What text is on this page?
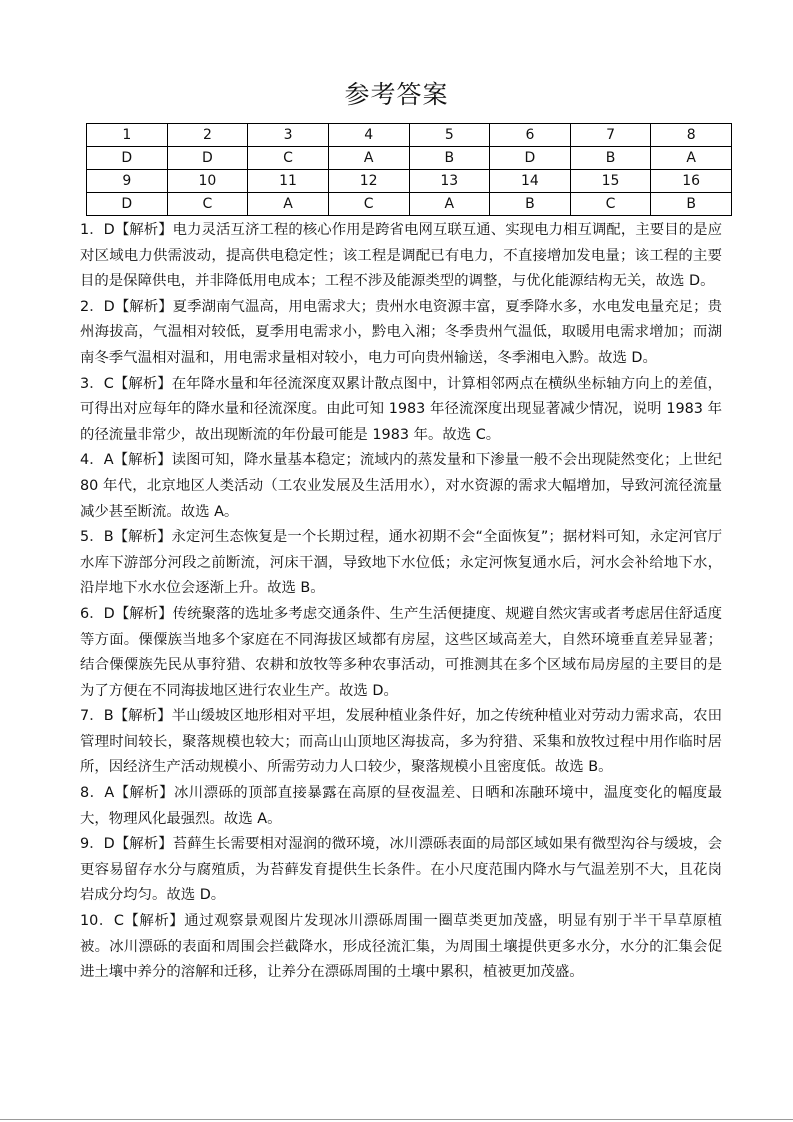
参考答案
1	2	3	4	5	6	7	8
D	D	C	A	B	D	B	A
9	10	11	12	13	14	15	16
D	C	A	C	A	B	C	B
1．D【解析】电力灵活互济工程的核心作用是跨省电网互联互通、实现电力相互调配，主要目的是应对区域电力供需波动，提高供电稳定性；该工程是调配已有电力，不直接增加发电量；该工程的主要目的是保障供电，并非降低用电成本；工程不涉及能源类型的调整，与优化能源结构无关，故选 D。
2．D【解析】夏季湖南气温高，用电需求大；贵州水电资源丰富，夏季降水多，水电发电量充足；贵州海拔高，气温相对较低，夏季用电需求小，黔电入湘；冬季贵州气温低，取暖用电需求增加；而湖南冬季气温相对温和，用电需求量相对较小，电力可向贵州输送，冬季湘电入黔。故选 D。
3．C【解析】在年降水量和年径流深度双累计散点图中，计算相邻两点在横纵坐标轴方向上的差值，可得出对应每年的降水量和径流深度。由此可知 1983 年径流深度出现显著减少情况，说明 1983 年的径流量非常少，故出现断流的年份最可能是 1983 年。故选 C。
4．A【解析】读图可知，降水量基本稳定；流域内的蒸发量和下渗量一般不会出现陡然变化；上世纪 80 年代，北京地区人类活动（工农业发展及生活用水），对水资源的需求大幅增加，导致河流径流量减少甚至断流。故选 A。
5．B【解析】永定河生态恢复是一个长期过程，通水初期不会“全面恢复”；据材料可知，永定河官厅水库下游部分河段之前断流，河床干涸，导致地下水位低；永定河恢复通水后，河水会补给地下水，沿岸地下水水位会逐渐上升。故选 B。
6．D【解析】传统聚落的选址多考虑交通条件、生产生活便捷度、规避自然灾害或者考虑居住舒适度等方面。傈僳族当地多个家庭在不同海拔区域都有房屋，这些区域高差大，自然环境垂直差异显著；结合傈僳族先民从事狩猎、农耕和放牧等多种农事活动，可推测其在多个区域布局房屋的主要目的是为了方便在不同海拔地区进行农业生产。故选 D。
7．B【解析】半山缓坡区地形相对平坦，发展种植业条件好，加之传统种植业对劳动力需求高，农田管理时间较长，聚落规模也较大；而高山山顶地区海拔高，多为狩猎、采集和放牧过程中用作临时居所，因经济生产活动规模小、所需劳动力人口较少，聚落规模小且密度低。故选 B。
8．A【解析】冰川漂砾的顶部直接暴露在高原的昼夜温差、日晒和冻融环境中，温度变化的幅度最大，物理风化最强烈。故选 A。
9．D【解析】苔藓生长需要相对湿润的微环境，冰川漂砾表面的局部区域如果有微型沟谷与缓坡，会更容易留存水分与腐殖质，为苔藓发育提供生长条件。在小尺度范围内降水与气温差别不大，且花岗岩成分均匀。故选 D。
10．C【解析】通过观察景观图片发现冰川漂砾周围一圈草类更加茂盛，明显有别于半干旱草原植被。冰川漂砾的表面和周围会拦截降水，形成径流汇集，为周围土壤提供更多水分，水分的汇集会促进土壤中养分的溶解和迁移，让养分在漂砾周围的土壤中累积，植被更加茂盛。
